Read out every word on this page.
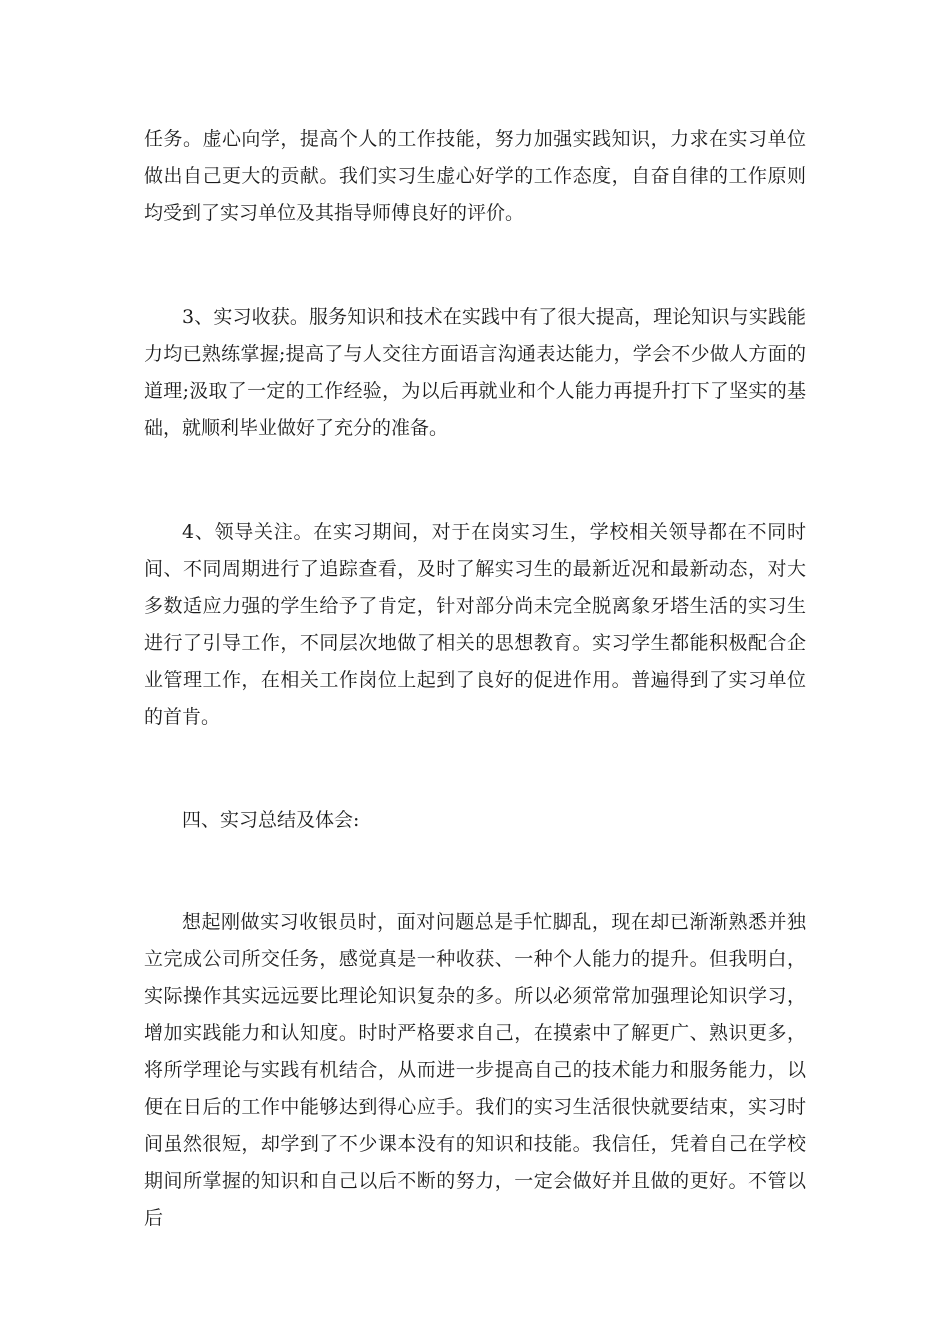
任务。虚心向学，提高个人的工作技能，努力加强实践知识，力求在实习单位做出自己更大的贡献。我们实习生虚心好学的工作态度，自奋自律的工作原则均受到了实习单位及其指导师傅良好的评价。

3、实习收获。服务知识和技术在实践中有了很大提高，理论知识与实践能力均已熟练掌握;提高了与人交往方面语言沟通表达能力，学会不少做人方面的道理;汲取了一定的工作经验，为以后再就业和个人能力再提升打下了坚实的基础，就顺利毕业做好了充分的准备。

4、领导关注。在实习期间，对于在岗实习生，学校相关领导都在不同时间、不同周期进行了追踪查看，及时了解实习生的最新近况和最新动态，对大多数适应力强的学生给予了肯定，针对部分尚未完全脱离象牙塔生活的实习生进行了引导工作，不同层次地做了相关的思想教育。实习学生都能积极配合企业管理工作，在相关工作岗位上起到了良好的促进作用。普遍得到了实习单位的首肯。

四、实习总结及体会:

想起刚做实习收银员时，面对问题总是手忙脚乱，现在却已渐渐熟悉并独立完成公司所交任务，感觉真是一种收获、一种个人能力的提升。但我明白，实际操作其实远远要比理论知识复杂的多。所以必须常常加强理论知识学习，增加实践能力和认知度。时时严格要求自己，在摸索中了解更广、熟识更多，将所学理论与实践有机结合，从而进一步提高自己的技术能力和服务能力，以便在日后的工作中能够达到得心应手。我们的实习生活很快就要结束，实习时间虽然很短，却学到了不少课本没有的知识和技能。我信任，凭着自己在学校期间所掌握的知识和自己以后不断的努力，一定会做好并且做的更好。不管以后
